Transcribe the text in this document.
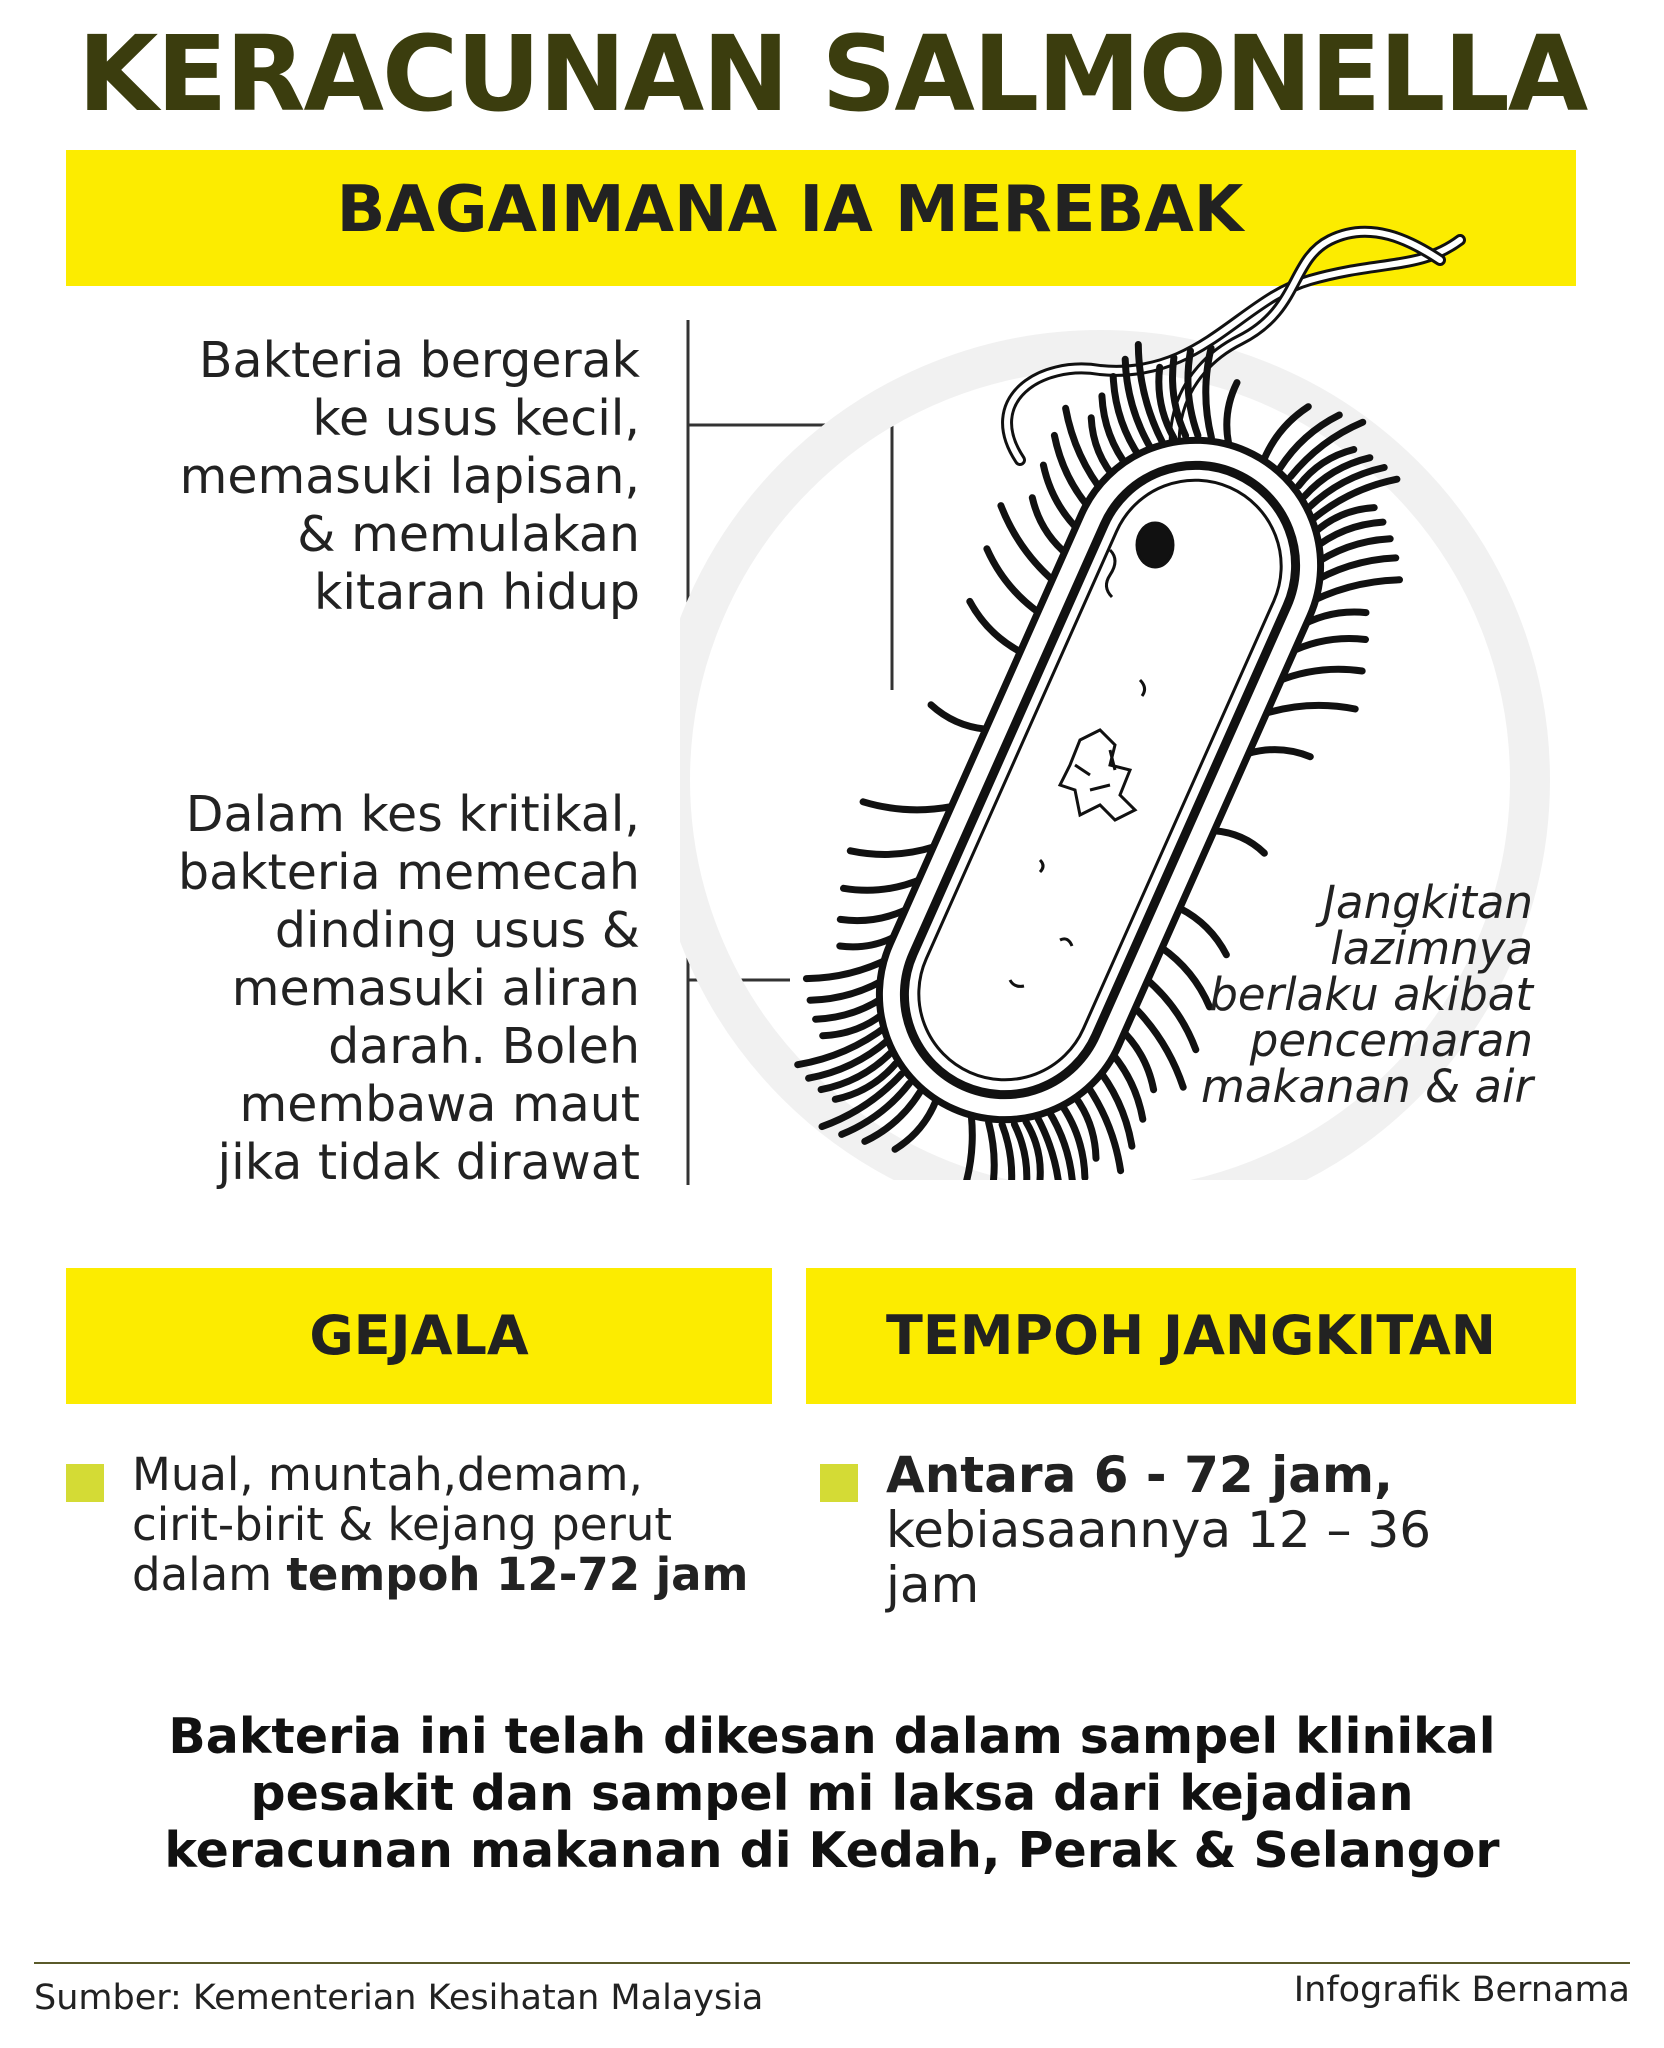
KERACUNAN SALMONELLA
BAGAIMANA IA MEREBAK
Bakteria bergerak
ke usus kecil,
memasuki lapisan,
& memulakan
kitaran hidup
Dalam kes kritikal,
bakteria memecah
dinding usus &
memasuki aliran
darah. Boleh
membawa maut
jika tidak dirawat
Jangkitan
lazimnya
berlaku akibat
pencemaran
makanan & air
GEJALA	TEMPOH JANGKITAN
Mual, muntah,demam,
cirit-birit & kejang perut
dalam tempoh 12-72 jam
Antara 6 - 72 jam,
kebiasaannya 12 – 36
jam
Bakteria ini telah dikesan dalam sampel klinikal
pesakit dan sampel mi laksa dari kejadian
keracunan makanan di Kedah, Perak & Selangor
Sumber: Kementerian Kesihatan Malaysia	Infografik Bernama
